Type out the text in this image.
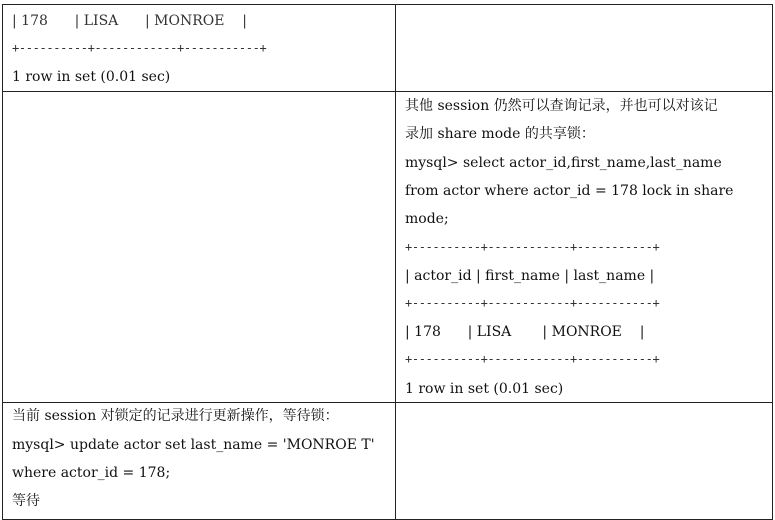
| 178      | LISA      | MONROE    |
+----------+------------+-----------+
1 row in set (0.01 sec)
其他 session 仍然可以查询记录，并也可以对该记
录加 share mode 的共享锁：
mysql> select actor_id,first_name,last_name
from actor where actor_id = 178 lock in share
mode;
+----------+------------+-----------+
| actor_id | first_name | last_name |
+----------+------------+-----------+
| 178      | LISA       | MONROE    |
+----------+------------+-----------+
1 row in set (0.01 sec)
当前 session 对锁定的记录进行更新操作，等待锁：
mysql> update actor set last_name = 'MONROE T'
where actor_id = 178;
等待
